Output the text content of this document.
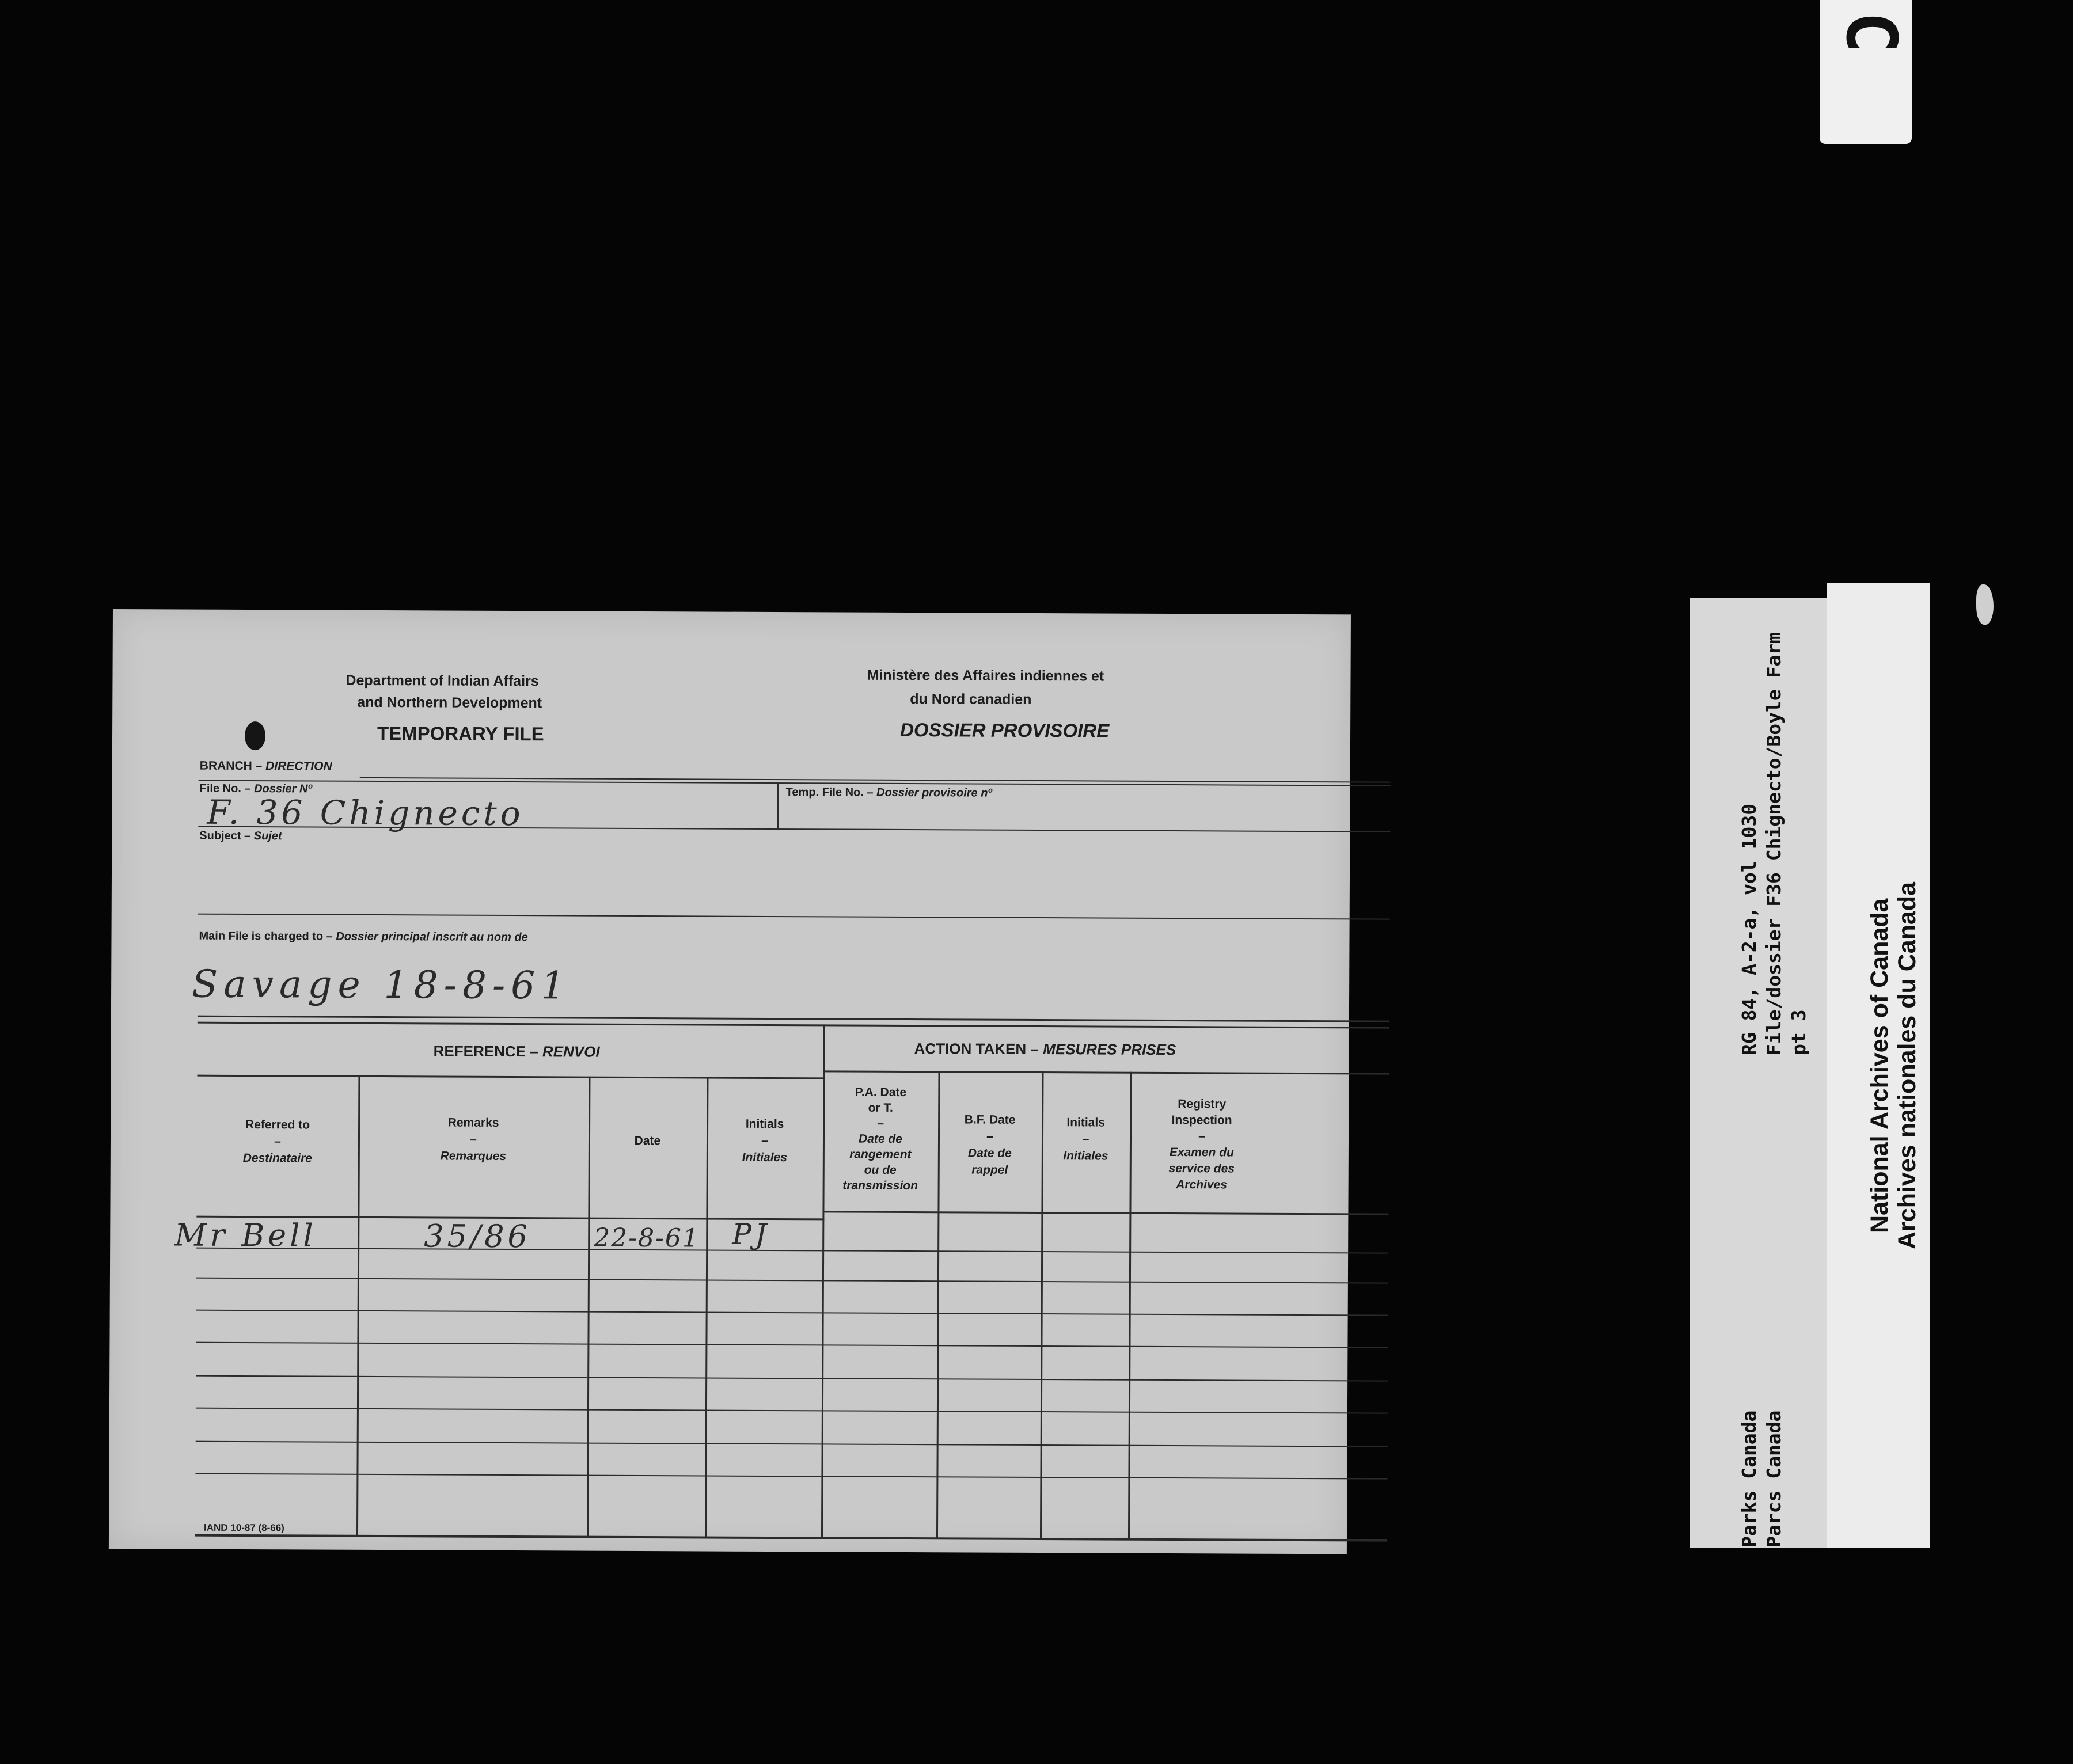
C
Department of Indian Affairs
and Northern Development
TEMPORARY FILE
Ministère des Affaires indiennes et
du Nord canadien
DOSSIER PROVISOIRE
BRANCH – DIRECTION
File No. – Dossier Nº
F. 36 Chignecto
Temp. File No. – Dossier provisoire nº
Subject – Sujet
Main File is charged to – Dossier principal inscrit au nom de
Savage 18-8-61
REFERENCE – RENVOI	ACTION TAKEN – MESURES PRISES
Referred to
–
Destinataire
Remarks
–
Remarques
Date
Initials
–
Initiales
P.A. Date
or T.
–
Date de
rangement
ou de
transmission
B.F. Date
–
Date de
rappel
Initials
–
Initiales
Registry
Inspection
–
Examen du
service des
Archives
Mr Bell	35/86 22-8-61 PJ
IAND 10-87 (8-66)
RG 84, A-2-a, vol 1030 File/dossier F36 Chignecto/Boyle Farm pt 3
Parks Canada Parcs Canada
National Archives of Canada Archives nationales du Canada
